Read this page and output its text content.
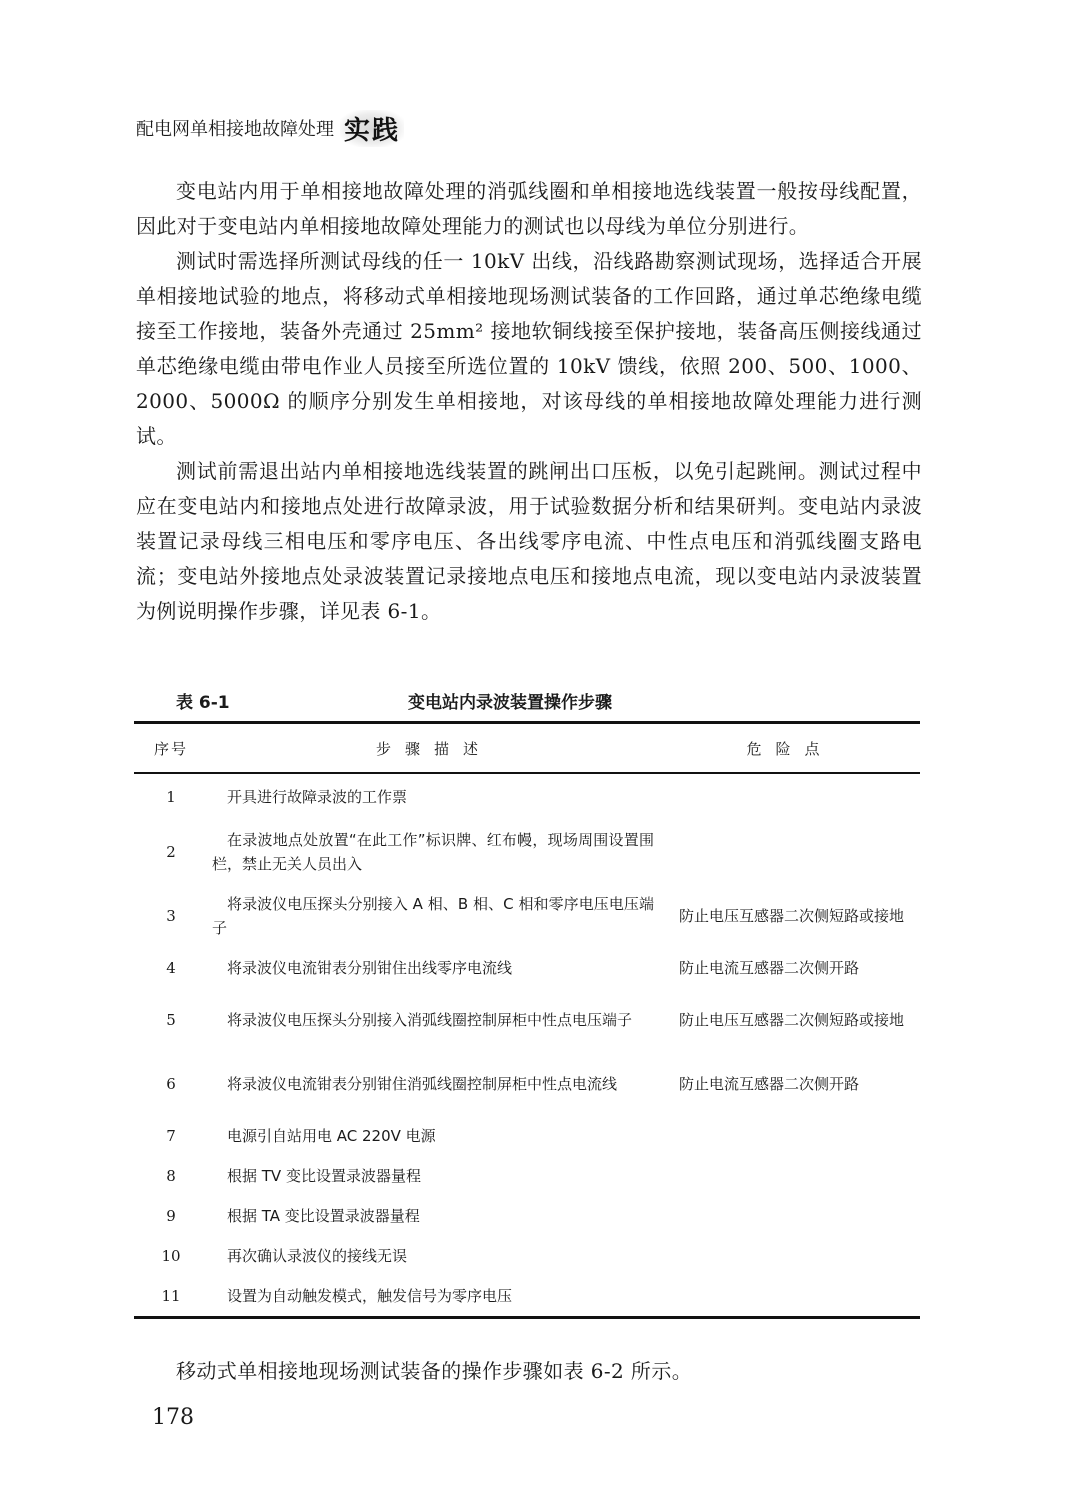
配电网单相接地故障处理 实践

变电站内用于单相接地故障处理的消弧线圈和单相接地选线装置一般按母线配置，因此对于变电站内单相接地故障处理能力的测试也以母线为单位分别进行。

测试时需选择所测试母线的任一 10kV 出线，沿线路勘察测试现场，选择适合开展单相接地试验的地点，将移动式单相接地现场测试装备的工作回路，通过单芯绝缘电缆接至工作接地，装备外壳通过 25mm² 接地软铜线接至保护接地，装备高压侧接线通过单芯绝缘电缆由带电作业人员接至所选位置的 10kV 馈线，依照 200、500、1000、2000、5000Ω 的顺序分别发生单相接地，对该母线的单相接地故障处理能力进行测试。

测试前需退出站内单相接地选线装置的跳闸出口压板，以免引起跳闸。测试过程中应在变电站内和接地点处进行故障录波，用于试验数据分析和结果研判。变电站内录波装置记录母线三相电压和零序电压、各出线零序电流、中性点电压和消弧线圈支路电流；变电站外接地点处录波装置记录接地点电压和接地点电流，现以变电站内录波装置为例说明操作步骤，详见表 6-1。

表 6-1	变电站内录波装置操作步骤
序号	步骤描述	危险点
1	开具进行故障录波的工作票	
2	在录波地点处放置“在此工作”标识牌、红布幔，现场周围设置围栏，禁止无关人员出入	
3	将录波仪电压探头分别接入 A 相、B 相、C 相和零序电压电压端子	防止电压互感器二次侧短路或接地
4	将录波仪电流钳表分别钳住出线零序电流线	防止电流互感器二次侧开路
5	将录波仪电压探头分别接入消弧线圈控制屏柜中性点电压端子	防止电压互感器二次侧短路或接地
6	将录波仪电流钳表分别钳住消弧线圈控制屏柜中性点电流线	防止电流互感器二次侧开路
7	电源引自站用电 AC 220V 电源	
8	根据 TV 变比设置录波器量程	
9	根据 TA 变比设置录波器量程	
10	再次确认录波仪的接线无误	
11	设置为自动触发模式，触发信号为零序电压	

移动式单相接地现场测试装备的操作步骤如表 6-2 所示。

178
